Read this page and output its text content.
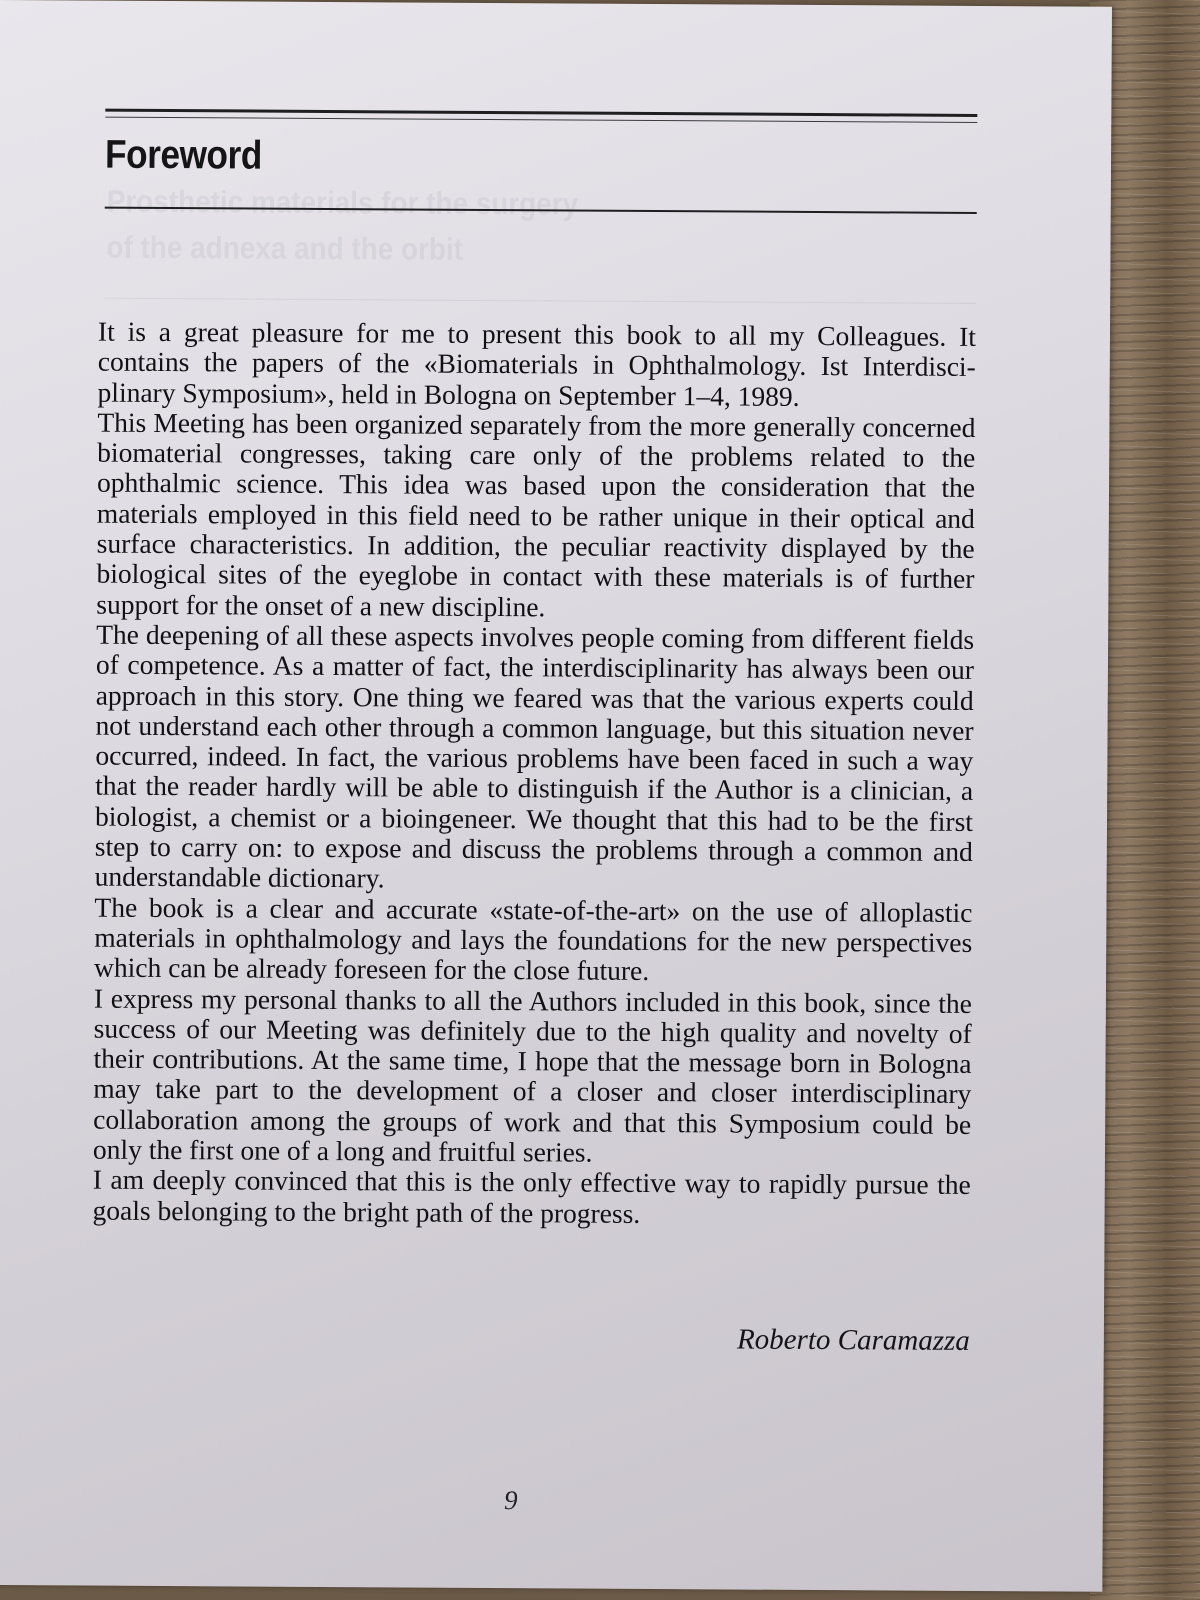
Prosthetic materials for the surgery
of the adnexa and the orbit
Foreword

It is a great pleasure for me to present this book to all my Colleagues. It contains the papers of the «Biomaterials in Ophthalmology. Ist Interdisci-plinary Symposium», held in Bologna on September 1–4, 1989.

This Meeting has been organized separately from the more generally concerned biomaterial congresses, taking care only of the problems related to the ophthalmic science. This idea was based upon the consideration that the materials employed in this field need to be rather unique in their optical and surface characteristics. In addition, the peculiar reactivity displayed by the biological sites of the eyeglobe in contact with these materials is of further support for the onset of a new discipline.

The deepening of all these aspects involves people coming from different fields of competence. As a matter of fact, the interdisciplinarity has always been our approach in this story. One thing we feared was that the various experts could not understand each other through a common language, but this situation never occurred, indeed. In fact, the various problems have been faced in such a way that the reader hardly will be able to distinguish if the Author is a clinician, a biologist, a chemist or a bioingeneer. We thought that this had to be the first step to carry on: to expose and discuss the problems through a common and understandable dictionary.

The book is a clear and accurate «state-of-the-art» on the use of alloplastic materials in ophthalmology and lays the foundations for the new perspectives which can be already foreseen for the close future.

I express my personal thanks to all the Authors included in this book, since the success of our Meeting was definitely due to the high quality and novelty of their contributions. At the same time, I hope that the message born in Bologna may take part to the development of a closer and closer interdisciplinary collaboration among the groups of work and that this Symposium could be only the first one of a long and fruitful series.

I am deeply convinced that this is the only effective way to rapidly pursue the goals belonging to the bright path of the progress.

Roberto Caramazza
9
